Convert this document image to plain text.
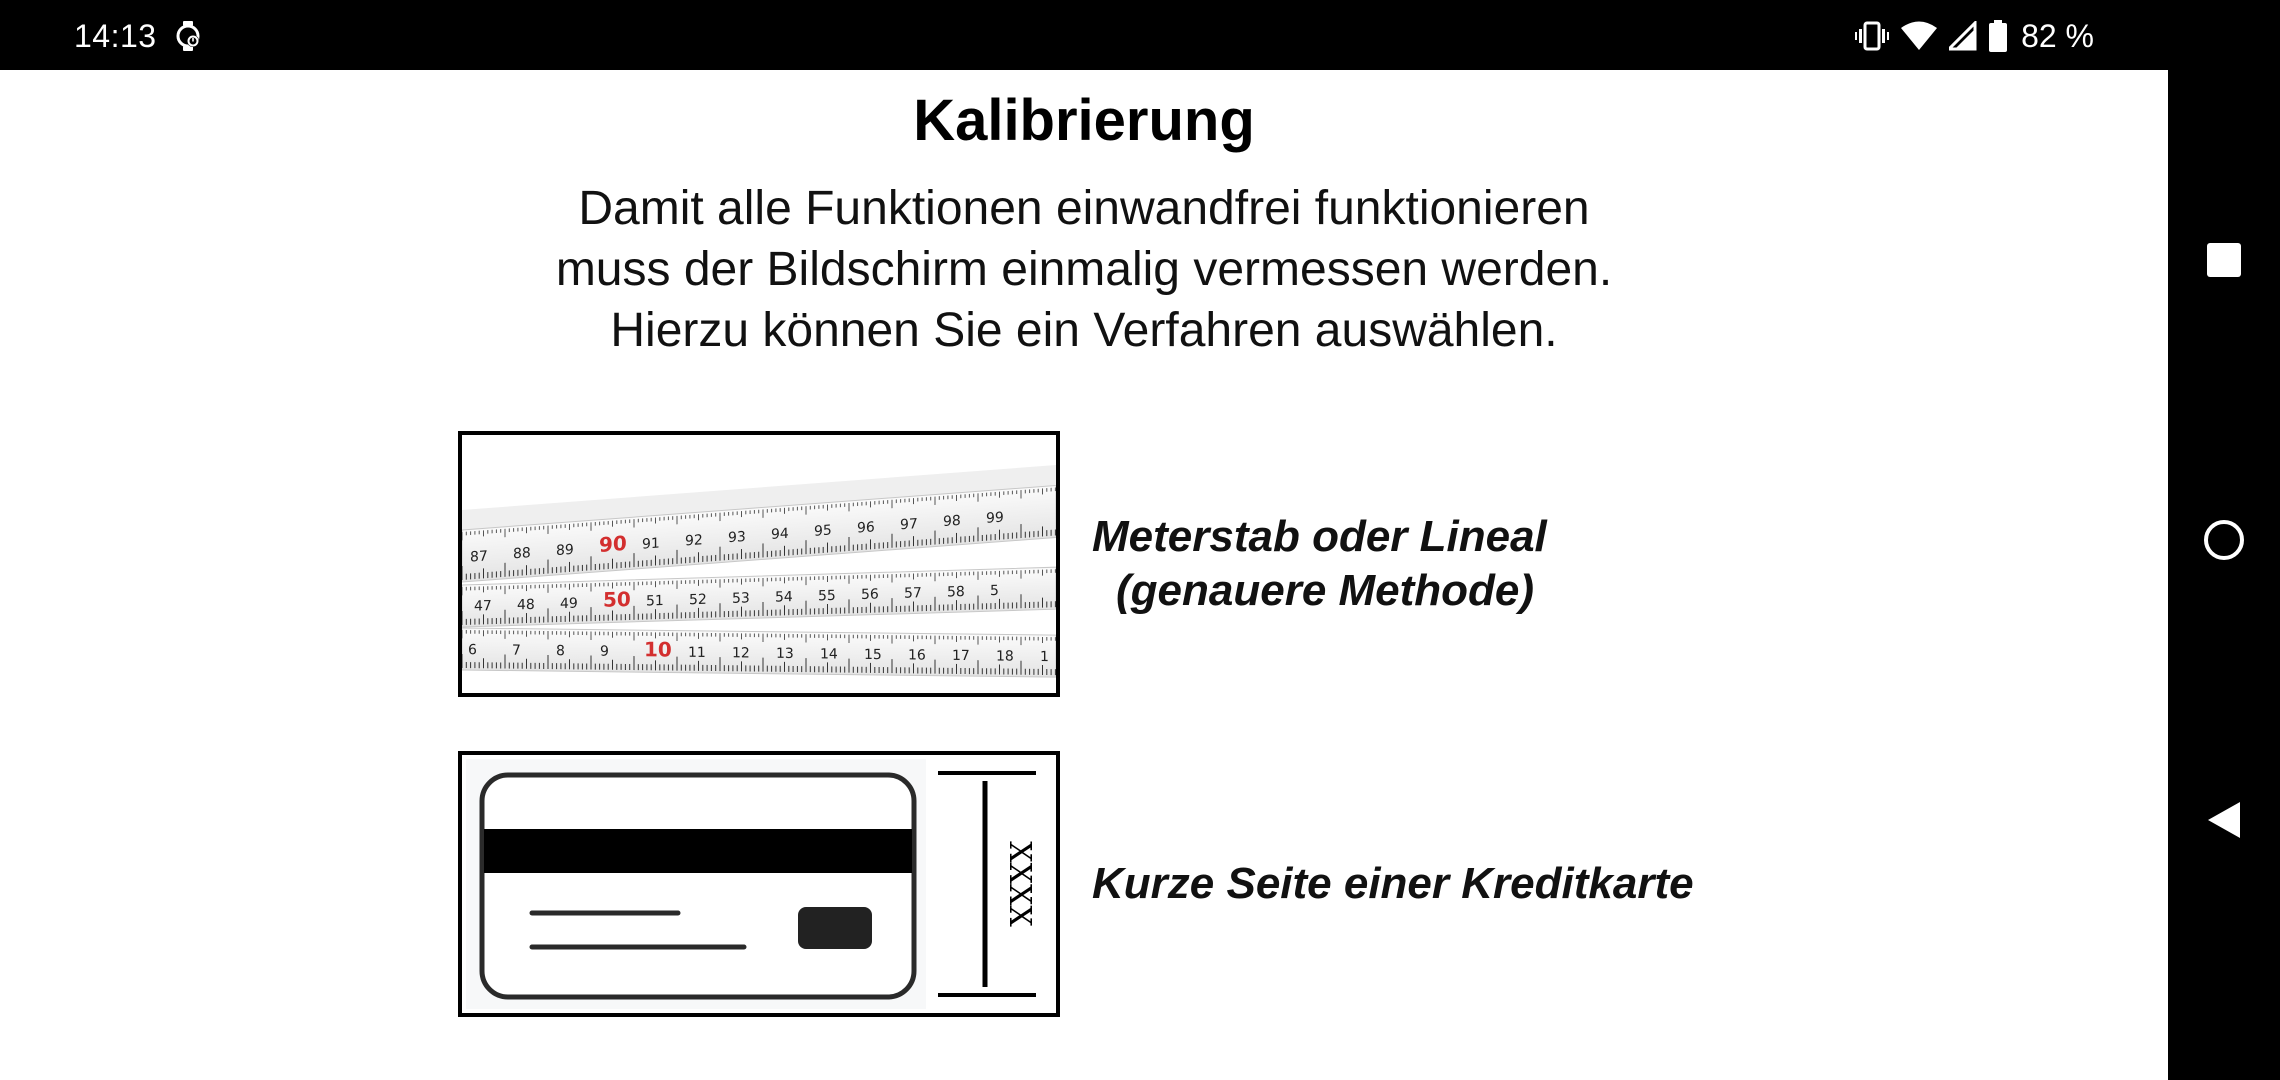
14:13	82 %
Kalibrierung
Damit alle Funktionen einwandfrei funktionieren
muss der Bildschirm einmalig vermessen werden.
Hierzu können Sie ein Verfahren auswählen.
87 88 89 90 91 92 93 94 95 96 97 98 99
47 48 49 50 51 52 53 54 55 56 57 58 5
6	7	8	9 10 11 12 13 14 15 16 17 18 1
Meterstab oder Lineal
(genauere Methode)
XXXX Kurze Seite einer Kreditkarte
